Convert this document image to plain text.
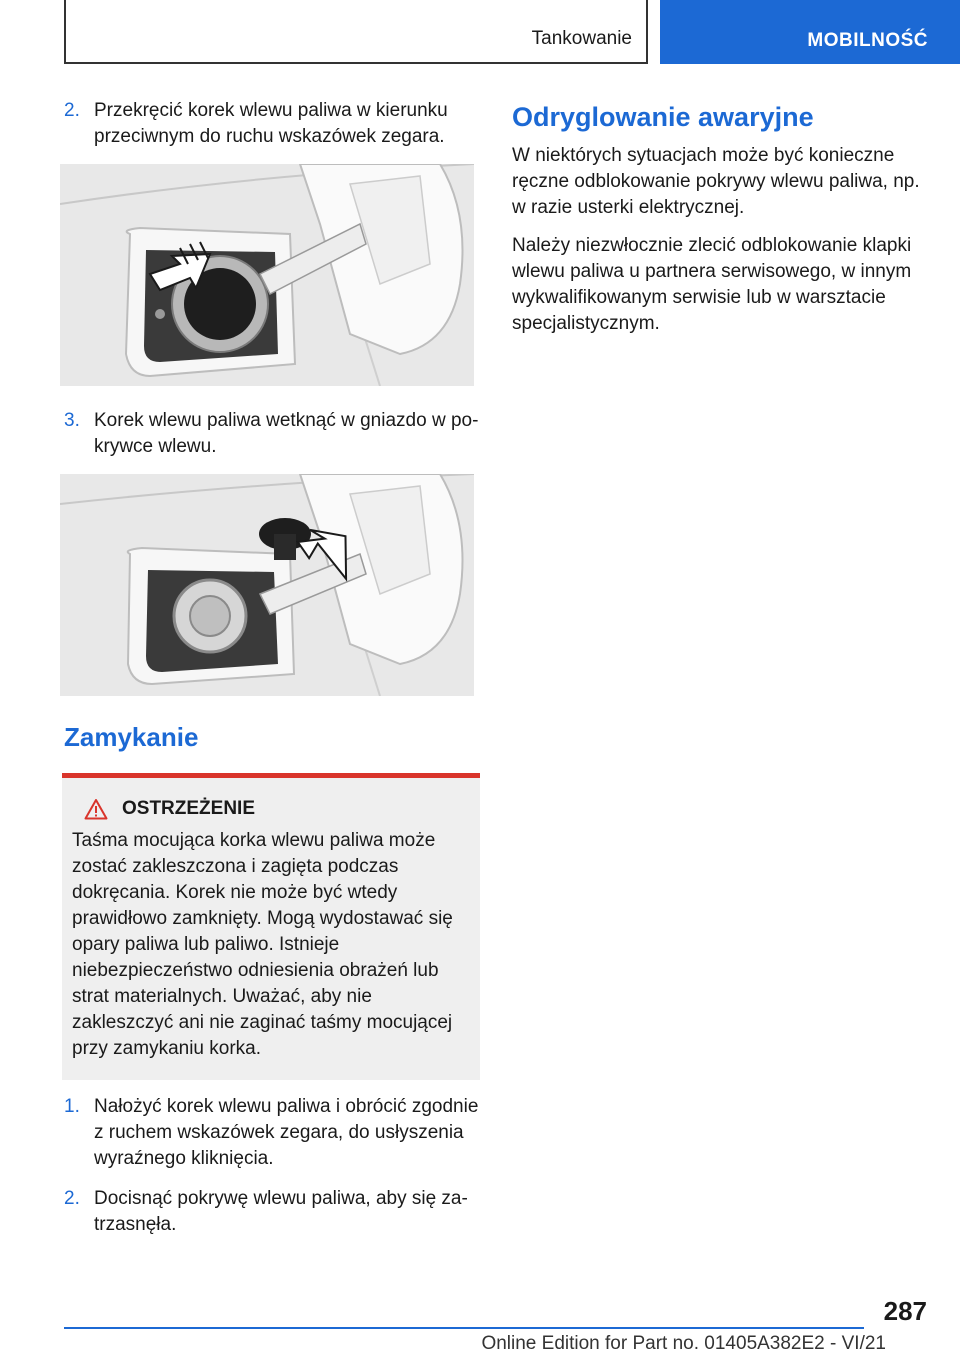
Tankowanie	MOBILNOŚĆ
2. Przekręcić korek wlewu paliwa w kierunku przeciwnym do ruchu wskazówek zegara.
3. Korek wlewu paliwa wetknąć w gniazdo w pokrywce wlewu.
Zamykanie
OSTRZEŻENIE
Taśma mocująca korka wlewu paliwa może zostać zakleszczona i zagięta podczas dokręcania. Korek nie może być wtedy prawidłowo zamknięty. Mogą wydostawać się opary paliwa lub paliwo. Istnieje niebezpieczeństwo odniesienia obrażeń lub strat materialnych. Uważać, aby nie zakleszczyć ani nie zaginać taśmy mocującej przy zamykaniu korka.
1. Nałożyć korek wlewu paliwa i obrócić zgodnie z ruchem wskazówek zegara, do usłyszenia wyraźnego kliknięcia.
2. Docisnąć pokrywę wlewu paliwa, aby się zatrzasnęła.
Odryglowanie awaryjne

W niektórych sytuacjach może być konieczne ręczne odblokowanie pokrywy wlewu paliwa, np. w razie usterki elektrycznej.

Należy niezwłocznie zlecić odblokowanie klapki wlewu paliwa u partnera serwisowego, w innym wykwalifikowanym serwisie lub w warsztacie specjalistycznym.

287
Online Edition for Part no. 01405A382E2 - VI/21
